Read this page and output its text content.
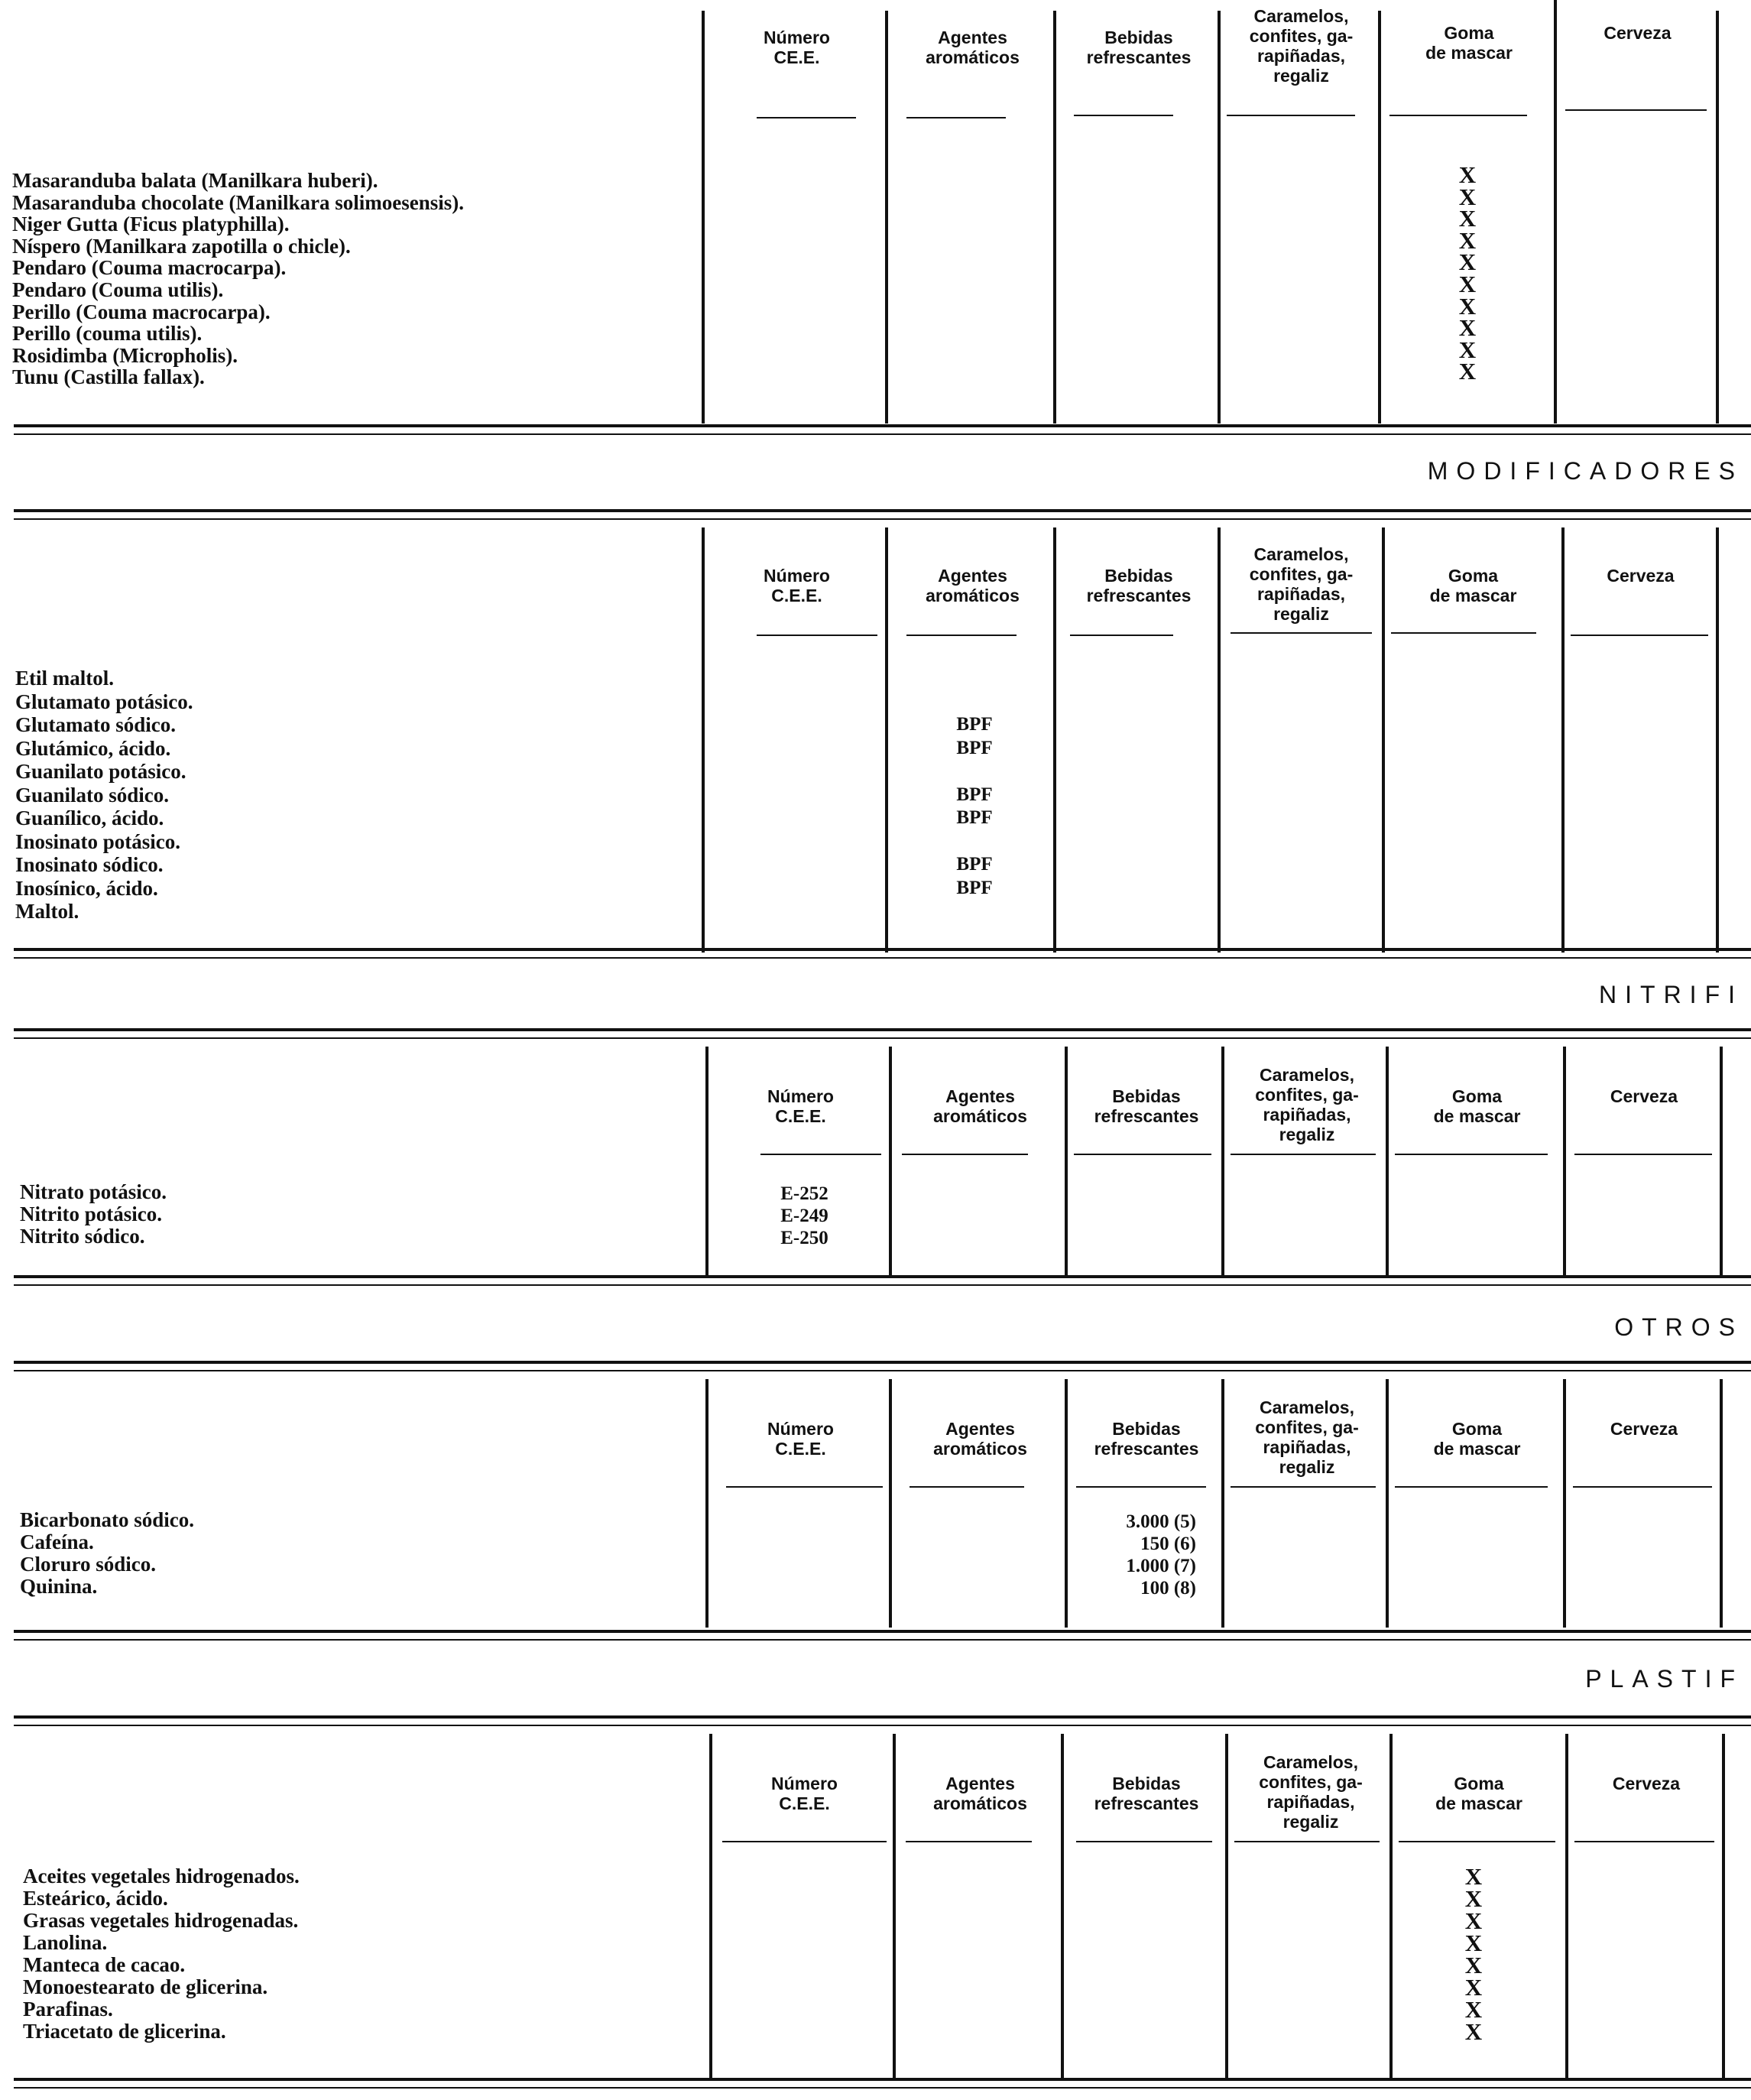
Número
CE.E.
Agentes
aromáticos
Bebidas
refrescantes
Caramelos,
confites, ga-
rapiñadas,
regaliz
Goma
de mascar
Cerveza
Masaranduba balata (Manilkara huberi).
Masaranduba chocolate (Manilkara solimoesensis).
Niger Gutta (Ficus platyphilla).
Níspero (Manilkara zapotilla o chicle).
Pendaro (Couma macrocarpa).
Pendaro (Couma utilis).
Perillo (Couma macrocarpa).
Perillo (couma utilis).
Rosidimba (Micropholis).
Tunu (Castilla fallax).
X
X
X
X
X
X
X
X
X
X
MODIFICADORES
Número
C.E.E.
Agentes
aromáticos
Bebidas
refrescantes
Caramelos,
confites, ga-
rapiñadas,
regaliz
Goma
de mascar
Cerveza
Etil maltol.
Glutamato potásico.
Glutamato sódico.
Glutámico, ácido.
Guanilato potásico.
Guanilato sódico.
Guanílico, ácido.
Inosinato potásico.
Inosinato sódico.
Inosínico, ácido.
Maltol.

BPF
BPF

BPF
BPF

BPF
BPF

NITRIFI
Número
C.E.E.
Agentes
aromáticos
Bebidas
refrescantes
Caramelos,
confites, ga-
rapiñadas,
regaliz
Goma
de mascar
Cerveza
Nitrato potásico.
Nitrito potásico.
Nitrito sódico.
E-252
E-249
E-250
OTROS
Número
C.E.E.
Agentes
aromáticos
Bebidas
refrescantes
Caramelos,
confites, ga-
rapiñadas,
regaliz
Goma
de mascar
Cerveza
Bicarbonato sódico.
Cafeína.
Cloruro sódico.
Quinina.
3.000 (5)
150 (6)
1.000 (7)
100 (8)
PLASTIF
Número
C.E.E.
Agentes
aromáticos
Bebidas
refrescantes
Caramelos,
confites, ga-
rapiñadas,
regaliz
Goma
de mascar
Cerveza
Aceites vegetales hidrogenados.
Esteárico, ácido.
Grasas vegetales hidrogenadas.
Lanolina.
Manteca de cacao.
Monoestearato de glicerina.
Parafinas.
Triacetato de glicerina.
X
X
X
X
X
X
X
X
